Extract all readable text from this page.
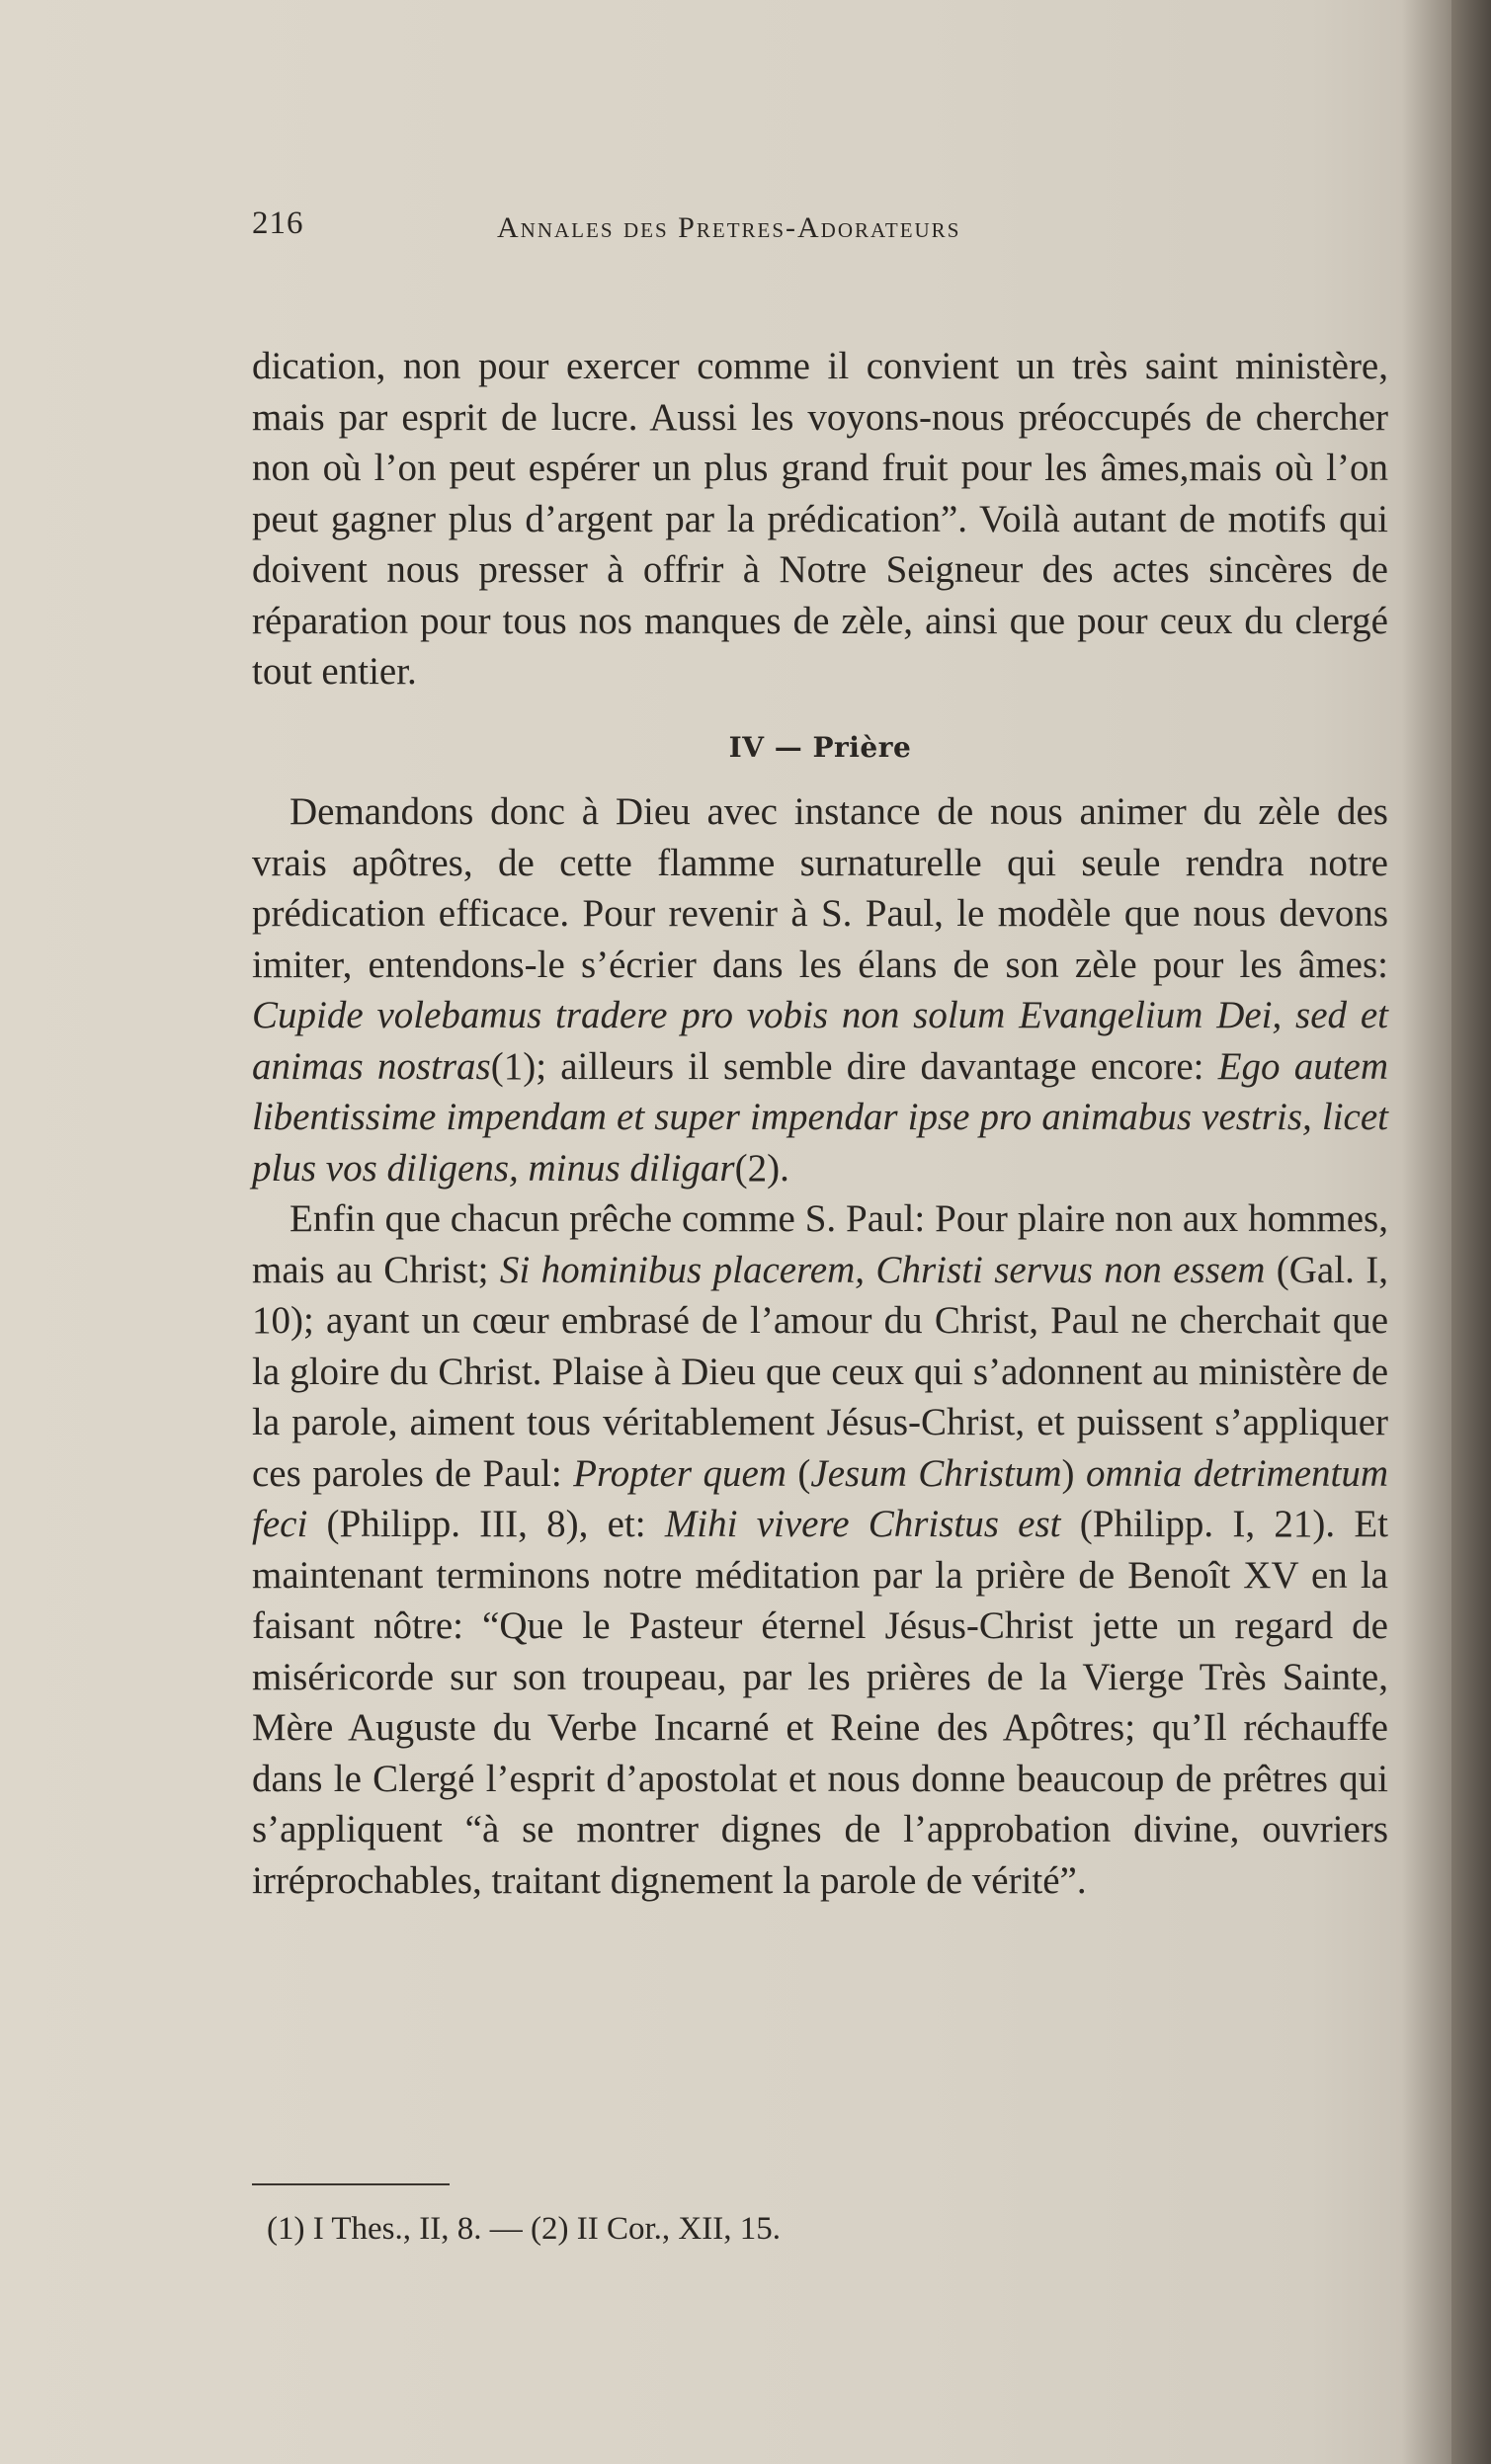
216	Annales des Pretres-Adorateurs

dication, non pour exercer comme il convient un très saint ministère, mais par esprit de lucre. Aussi les voyons-nous préoccupés de chercher non où l’on peut espérer un plus grand fruit pour les âmes,mais où l’on peut gagner plus d’argent par la prédication”. Voilà autant de motifs qui doivent nous presser à offrir à Notre Seigneur des actes sincères de réparation pour tous nos manques de zèle, ainsi que pour ceux du clergé tout entier.

IV — Prière

Demandons donc à Dieu avec instance de nous animer du zèle des vrais apôtres, de cette flamme surnaturelle qui seule rendra notre prédication efficace. Pour revenir à S. Paul, le modèle que nous devons imiter, entendons-le s’écrier dans les élans de son zèle pour les âmes: Cupide volebamus tradere pro vobis non solum Evangelium Dei, sed et animas nostras(1); ailleurs il semble dire davantage encore: Ego autem libentissime impendam et super impendar ipse pro animabus vestris, licet plus vos diligens, minus diligar(2).

Enfin que chacun prêche comme S. Paul: Pour plaire non aux hommes, mais au Christ; Si hominibus placerem, Christi servus non essem (Gal. I, 10); ayant un cœur embrasé de l’amour du Christ, Paul ne cherchait que la gloire du Christ. Plaise à Dieu que ceux qui s’adonnent au ministère de la parole, aiment tous véritablement Jésus-Christ, et puissent s’appliquer ces paroles de Paul: Propter quem (Jesum Christum) omnia detrimentum feci (Philipp. III, 8), et: Mihi vivere Christus est (Philipp. I, 21). Et maintenant terminons notre méditation par la prière de Benoît XV en la faisant nôtre: “Que le Pasteur éternel Jésus-Christ jette un regard de miséricorde sur son troupeau, par les prières de la Vierge Très Sainte, Mère Auguste du Verbe Incarné et Reine des Apôtres; qu’Il réchauffe dans le Clergé l’esprit d’apostolat et nous donne beaucoup de prêtres qui s’appliquent “à se montrer dignes de l’approbation divine, ouvriers irréprochables, traitant dignement la parole de vérité”.

(1) I Thes., II, 8. — (2) II Cor., XII, 15.
